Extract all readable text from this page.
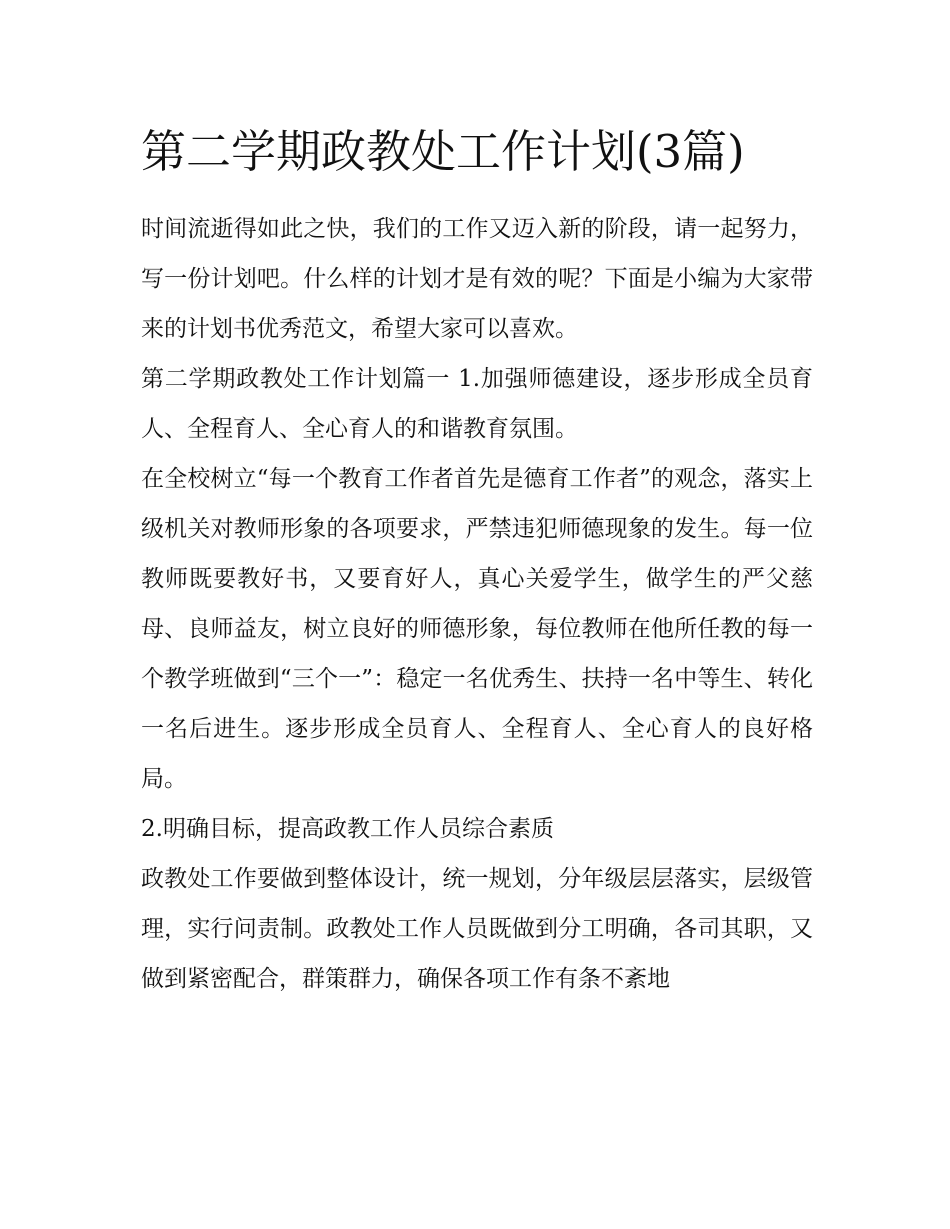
第二学期政教处工作计划(3篇)

时间流逝得如此之快，我们的工作又迈入新的阶段，请一起努力，写一份计划吧。什么样的计划才是有效的呢？下面是小编为大家带来的计划书优秀范文，希望大家可以喜欢。

第二学期政教处工作计划篇一 1.加强师德建设，逐步形成全员育人、全程育人、全心育人的和谐教育氛围。

在全校树立“每一个教育工作者首先是德育工作者”的观念，落实上级机关对教师形象的各项要求，严禁违犯师德现象的发生。每一位教师既要教好书，又要育好人，真心关爱学生，做学生的严父慈母、良师益友，树立良好的师德形象，每位教师在他所任教的每一个教学班做到“三个一”：稳定一名优秀生、扶持一名中等生、转化一名后进生。逐步形成全员育人、全程育人、全心育人的良好格局。

2.明确目标，提高政教工作人员综合素质

政教处工作要做到整体设计，统一规划，分年级层层落实，层级管理，实行问责制。政教处工作人员既做到分工明确，各司其职，又做到紧密配合，群策群力，确保各项工作有条不紊地
